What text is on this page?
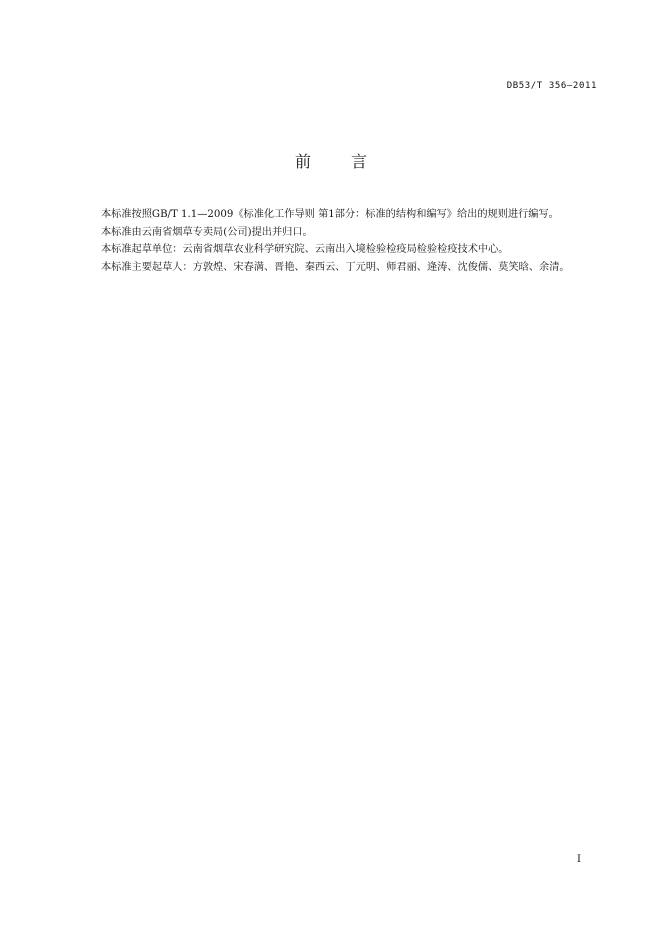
DB53/T 356—2011
前	言

本标准按照GB/T 1.1—2009《标准化工作导则 第1部分：标准的结构和编写》给出的规则进行编写。

本标准由云南省烟草专卖局(公司)提出并归口。

本标准起草单位：云南省烟草农业科学研究院、云南出入境检验检疫局检验检疫技术中心。

本标准主要起草人：方敦煌、宋春满、晋艳、秦西云、丁元明、师君丽、逄涛、沈俊儒、莫笑晗、余清。

I
